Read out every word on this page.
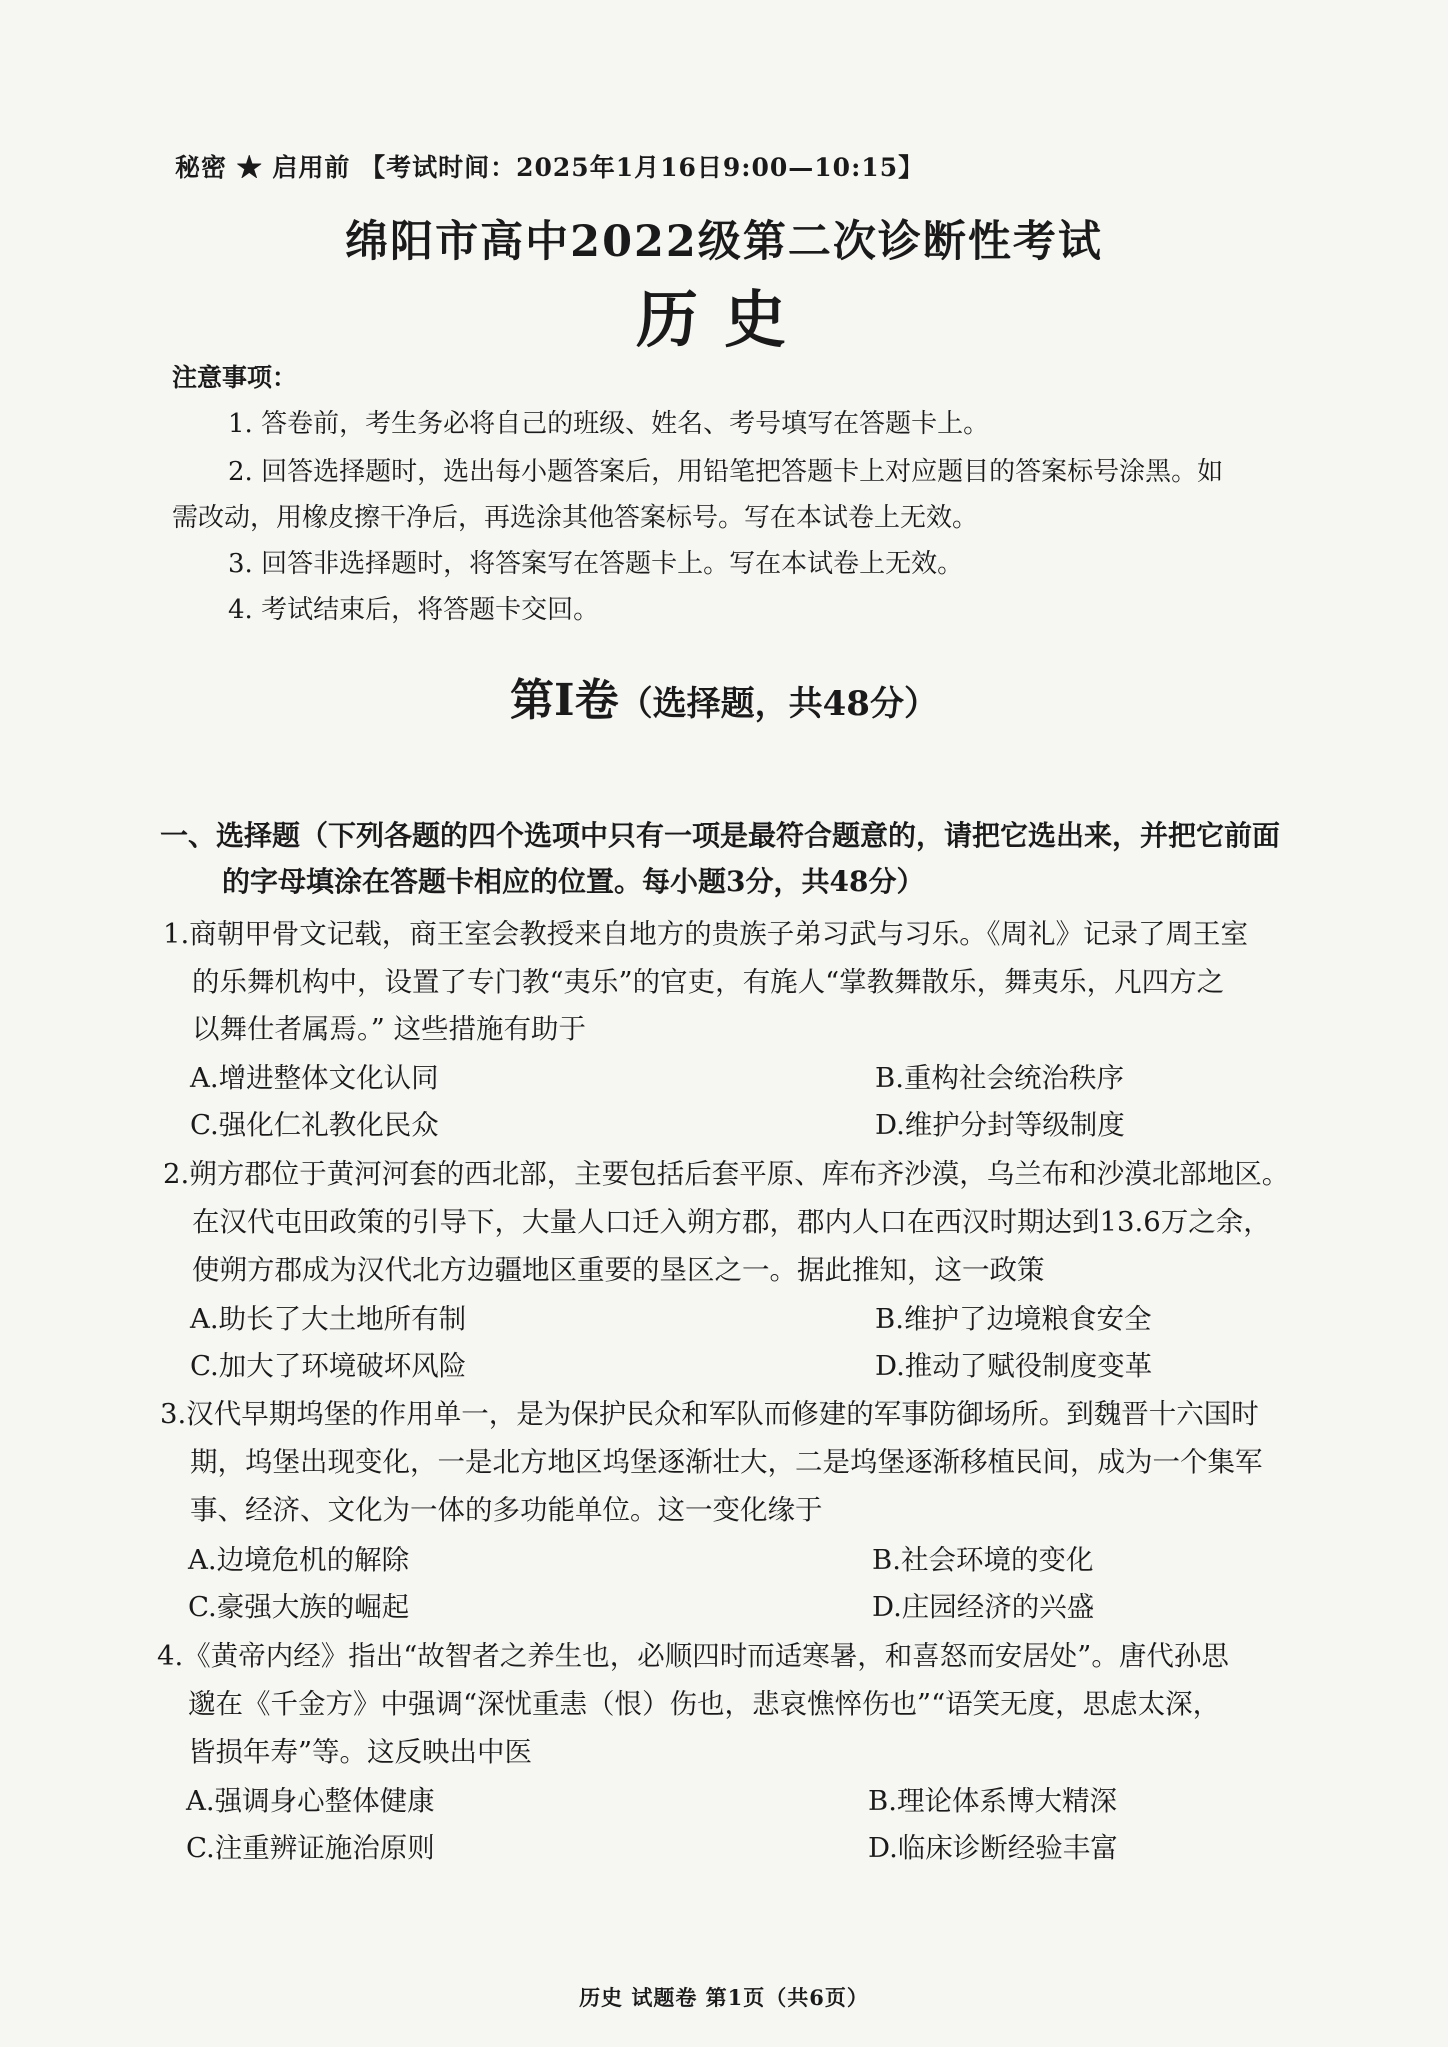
秘密 ★ 启用前 【考试时间：2025年1月16日9:00—10:15】
绵阳市高中2022级第二次诊断性考试
历史
注意事项：
1. 答卷前，考生务必将自己的班级、姓名、考号填写在答题卡上。
2. 回答选择题时，选出每小题答案后，用铅笔把答题卡上对应题目的答案标号涂黑。如
需改动，用橡皮擦干净后，再选涂其他答案标号。写在本试卷上无效。
3. 回答非选择题时，将答案写在答题卡上。写在本试卷上无效。
4. 考试结束后，将答题卡交回。
第I卷（选择题，共48分）
一、选择题（下列各题的四个选项中只有一项是最符合题意的，请把它选出来，并把它前面
的字母填涂在答题卡相应的位置。每小题3分，共48分）
1.商朝甲骨文记载，商王室会教授来自地方的贵族子弟习武与习乐。《周礼》记录了周王室
的乐舞机构中，设置了专门教“夷乐”的官吏，有旄人“掌教舞散乐，舞夷乐，凡四方之
以舞仕者属焉。” 这些措施有助于
A.增进整体文化认同	B.重构社会统治秩序
C.强化仁礼教化民众	D.维护分封等级制度
2.朔方郡位于黄河河套的西北部，主要包括后套平原、库布齐沙漠，乌兰布和沙漠北部地区。
在汉代屯田政策的引导下，大量人口迁入朔方郡，郡内人口在西汉时期达到13.6万之余，
使朔方郡成为汉代北方边疆地区重要的垦区之一。据此推知，这一政策
A.助长了大土地所有制	B.维护了边境粮食安全
C.加大了环境破坏风险	D.推动了赋役制度变革
3.汉代早期坞堡的作用单一，是为保护民众和军队而修建的军事防御场所。到魏晋十六国时
期，坞堡出现变化，一是北方地区坞堡逐渐壮大，二是坞堡逐渐移植民间，成为一个集军
事、经济、文化为一体的多功能单位。这一变化缘于
A.边境危机的解除	B.社会环境的变化
C.豪强大族的崛起	D.庄园经济的兴盛
4.《黄帝内经》指出“故智者之养生也，必顺四时而适寒暑，和喜怒而安居处”。唐代孙思
邈在《千金方》中强调“深忧重恚（恨）伤也，悲哀憔悴伤也”“语笑无度，思虑太深，
皆损年寿”等。这反映出中医
A.强调身心整体健康	B.理论体系博大精深
C.注重辨证施治原则	D.临床诊断经验丰富
历史 试题卷 第1页（共6页）
